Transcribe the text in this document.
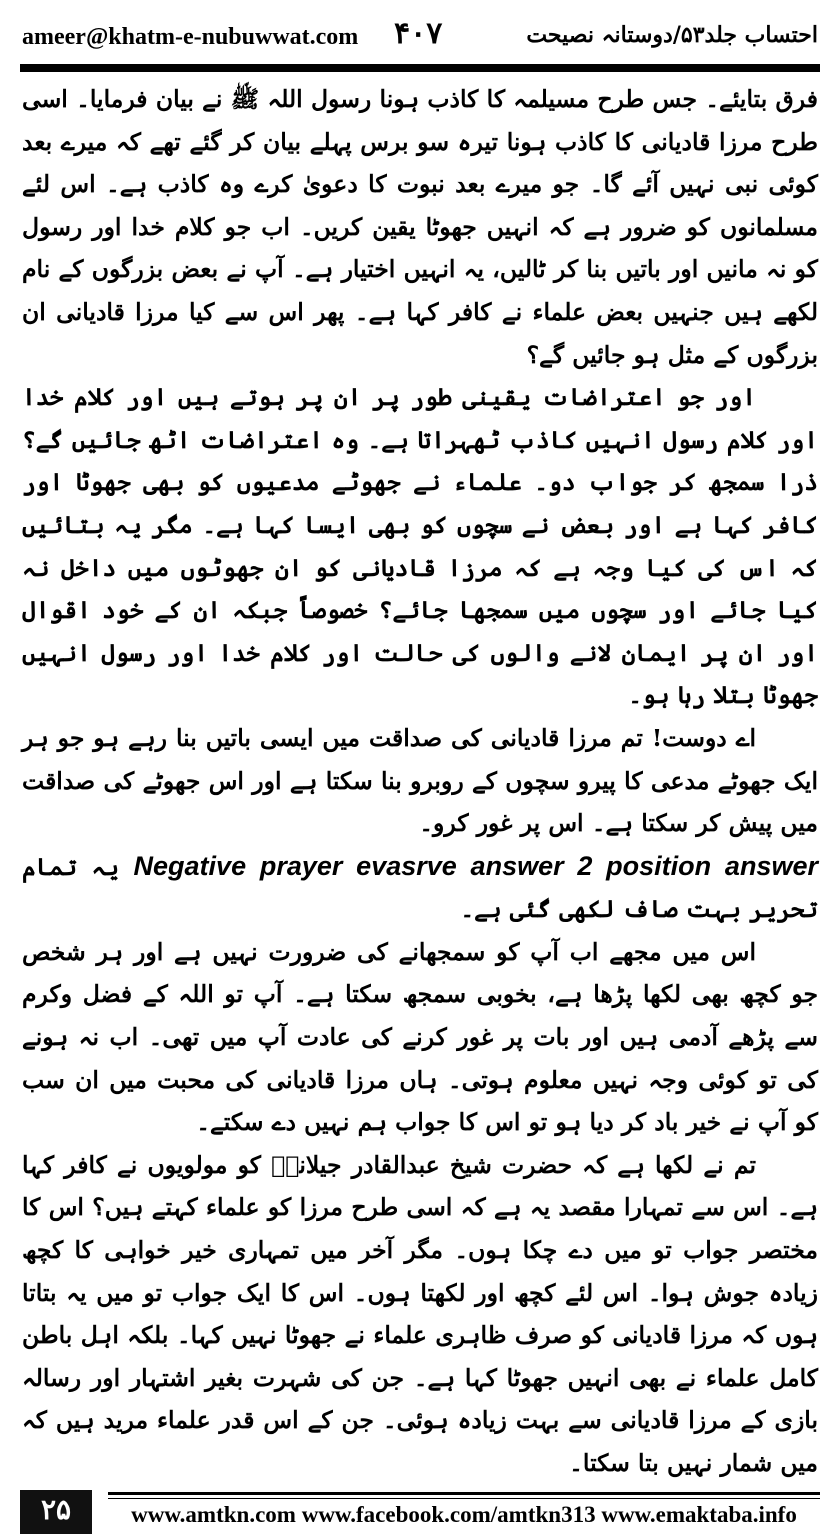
ameer@khatm-e-nubuwwat.com ۴۰۷	احتساب جلد۵۳/دوستانہ نصیحت

فرق بتایئے۔ جس طرح مسیلمہ کا کاذب ہونا رسول اللہ ﷺ نے بیان فرمایا۔ اسی طرح مرزا قادیانی کا کاذب ہونا تیرہ سو برس پہلے بیان کر گئے تھے کہ میرے بعد کوئی نبی نہیں آئے گا۔ جو میرے بعد نبوت کا دعویٰ کرے وہ کاذب ہے۔ اس لئے مسلمانوں کو ضرور ہے کہ انہیں جھوٹا یقین کریں۔ اب جو کلام خدا اور رسول کو نہ مانیں اور باتیں بنا کر ٹالیں، یہ انہیں اختیار ہے۔ آپ نے بعض بزرگوں کے نام لکھے ہیں جنہیں بعض علماء نے کافر کہا ہے۔ پھر اس سے کیا مرزا قادیانی ان بزرگوں کے مثل ہو جائیں گے؟

اور جو اعتراضات یقینی طور پر ان پر ہوتے ہیں اور کلام خدا اور کلام رسول انہیں کاذب ٹھہراتا ہے۔ وہ اعتراضات اٹھ جائیں گے؟ ذرا سمجھ کر جواب دو۔ علماء نے جھوٹے مدعیوں کو بھی جھوٹا اور کافر کہا ہے اور بعض نے سچوں کو بھی ایسا کہا ہے۔ مگر یہ بتائیں کہ اس کی کیا وجہ ہے کہ مرزا قادیانی کو ان جھوٹوں میں داخل نہ کیا جائے اور سچوں میں سمجھا جائے؟ خصوصاً جبکہ ان کے خود اقوال اور ان پر ایمان لانے والوں کی حالت اور کلام خدا اور رسول انہیں جھوٹا بتلا رہا ہو۔

اے دوست! تم مرزا قادیانی کی صداقت میں ایسی باتیں بنا رہے ہو جو ہر ایک جھوٹے مدعی کا پیرو سچوں کے روبرو بنا سکتا ہے اور اس جھوٹے کی صداقت میں پیش کر سکتا ہے۔ اس پر غور کرو۔

Negative prayer evasrve answer 2 position answer یہ تمام تحریر بہت صاف لکھی گئی ہے۔

اس میں مجھے اب آپ کو سمجھانے کی ضرورت نہیں ہے اور ہر شخص جو کچھ بھی لکھا پڑھا ہے، بخوبی سمجھ سکتا ہے۔ آپ تو اللہ کے فضل وکرم سے پڑھے آدمی ہیں اور بات پر غور کرنے کی عادت آپ میں تھی۔ اب نہ ہونے کی تو کوئی وجہ نہیں معلوم ہوتی۔ ہاں مرزا قادیانی کی محبت میں ان سب کو آپ نے خیر باد کر دیا ہو تو اس کا جواب ہم نہیں دے سکتے۔

تم نے لکھا ہے کہ حضرت شیخ عبدالقادر جیلانیؒ کو مولویوں نے کافر کہا ہے۔ اس سے تمہارا مقصد یہ ہے کہ اسی طرح مرزا کو علماء کہتے ہیں؟ اس کا مختصر جواب تو میں دے چکا ہوں۔ مگر آخر میں تمہاری خیر خواہی کا کچھ زیادہ جوش ہوا۔ اس لئے کچھ اور لکھتا ہوں۔ اس کا ایک جواب تو میں یہ بتاتا ہوں کہ مرزا قادیانی کو صرف ظاہری علماء نے جھوٹا نہیں کہا۔ بلکہ اہل باطن کامل علماء نے بھی انہیں جھوٹا کہا ہے۔ جن کی شہرت بغیر اشتہار اور رسالہ بازی کے مرزا قادیانی سے بہت زیادہ ہوئی۔ جن کے اس قدر علماء مرید ہیں کہ میں شمار نہیں بتا سکتا۔

۲۵	www.amtkn.com www.facebook.com/amtkn313 www.emaktaba.info
